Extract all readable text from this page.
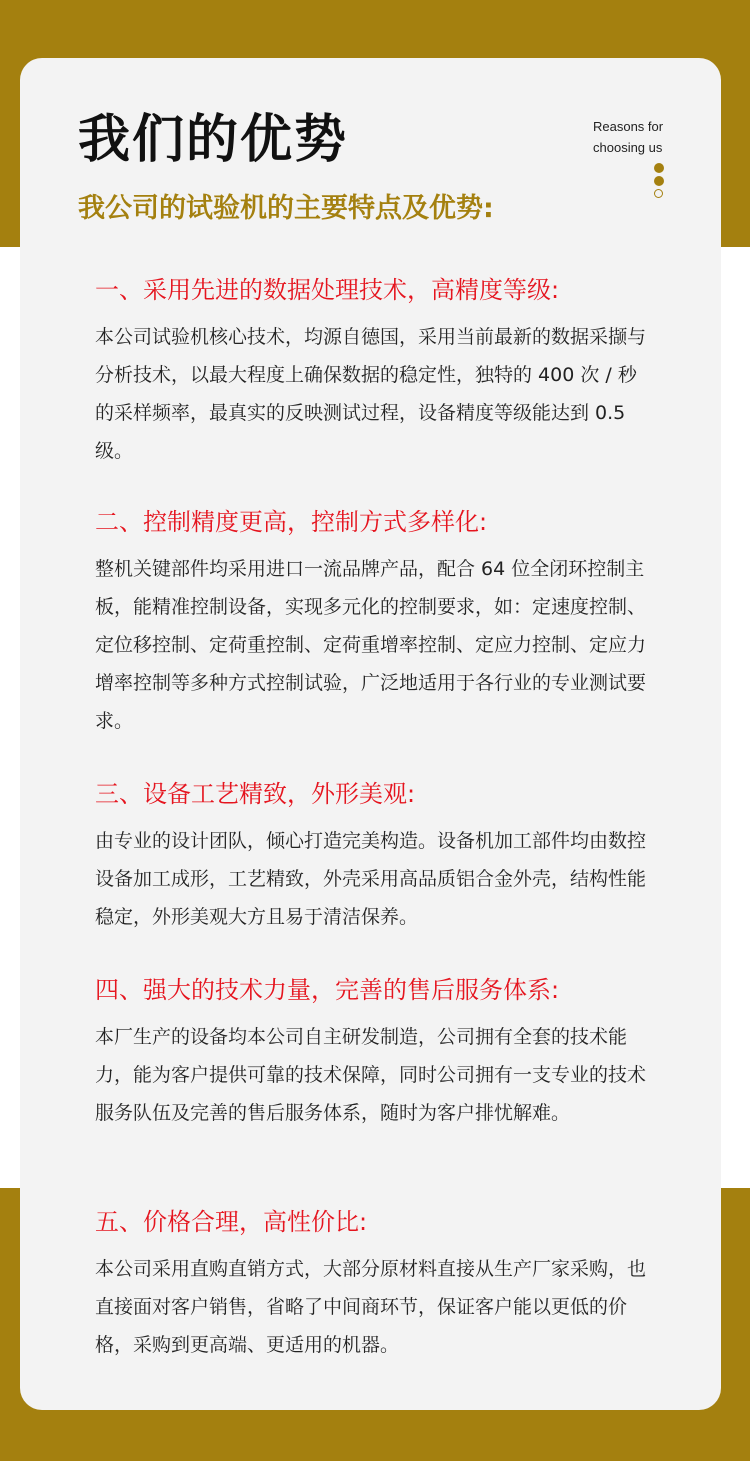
我们的优势
我公司的试验机的主要特点及优势:
Reasons for
choosing us
一、采用先进的数据处理技术，高精度等级:

本公司试验机核心技术，均源自德国，采用当前最新的数据采撷与分析技术，以最大程度上确保数据的稳定性，独特的 400 次 / 秒的采样频率，最真实的反映测试过程，设备精度等级能达到 0.5 级。

二、控制精度更高，控制方式多样化:

整机关键部件均采用进口一流品牌产品，配合 64 位全闭环控制主板，能精准控制设备，实现多元化的控制要求，如：定速度控制、定位移控制、定荷重控制、定荷重增率控制、定应力控制、定应力增率控制等多种方式控制试验，广泛地适用于各行业的专业测试要求。

三、设备工艺精致，外形美观:

由专业的设计团队，倾心打造完美构造。设备机加工部件均由数控设备加工成形，工艺精致，外壳采用高品质铝合金外壳，结构性能稳定，外形美观大方且易于清洁保养。

四、强大的技术力量，完善的售后服务体系:

本厂生产的设备均本公司自主研发制造，公司拥有全套的技术能力，能为客户提供可靠的技术保障，同时公司拥有一支专业的技术服务队伍及完善的售后服务体系，随时为客户排忧解难。

五、价格合理，高性价比:

本公司采用直购直销方式，大部分原材料直接从生产厂家采购，也直接面对客户销售，省略了中间商环节，保证客户能以更低的价格，采购到更高端、更适用的机器。
